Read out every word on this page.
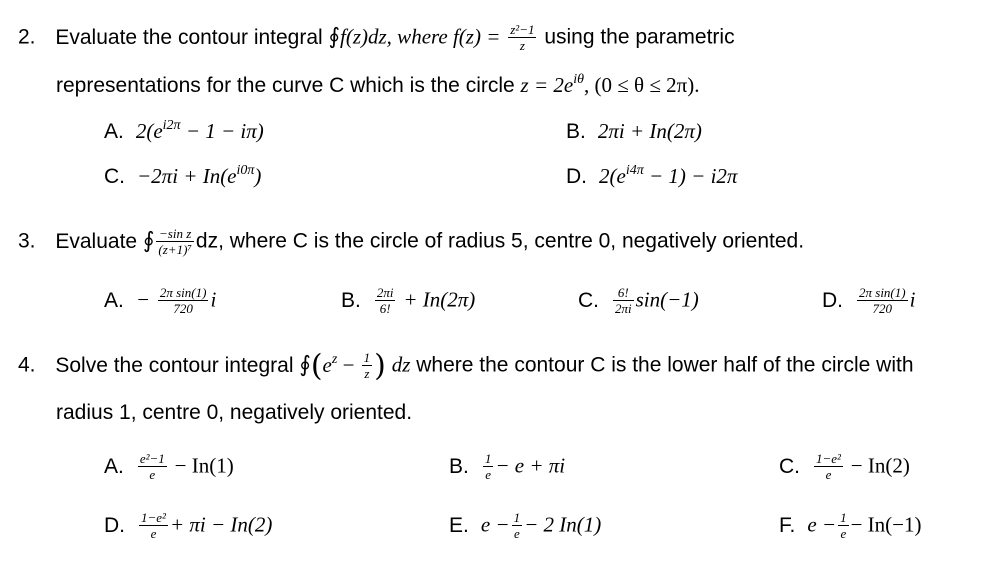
2. Evaluate the contour integral ∮f(z)dz, where $f(z) = \frac{\text{z²−1}}{z}$ using the parametric
representations for the curve C which is the circle $z = 2e^{i\theta}$, (0 ≤ θ ≤ 2π).
A. $2(e^{i2\pi} - 1 - i\pi)$	B. 2πi + In(2π)
C. $-2\pi i + In(e^{i0\pi})$	D. $2(e^{i4\pi} - 1) - i2\pi$
3. Evaluate ∮ $\frac{\text{−sin z}}{\text{(z+1)⁷}}$ dz, where C is the circle of radius 5, centre 0, negatively oriented.
A. − $\frac{\text{2π sin(1)}}{720}$ i	B. $\frac{2\pi i}{6!} + In(2\pi)$	C. $\frac{6!}{2\pi i} \sin(-1)$	D. $\frac{\text{2π sin(1)}}{720}$ i
4. Solve the contour integral $∮(e^z - \frac{1}{z}$ ) dz where the contour C is the lower half of the circle with
radius 1, centre 0, negatively oriented.
A. $\frac{\text{e²−1}}{e} - In(1)$	B. $\frac{1}{e} - e + \pi i$	C. $\frac{\text{1−e²}}{e} - In(2)$
D. $\frac{\text{1−e²}}{e} + \pi i - In(2)$	E. $e - \frac{1}{e} - 2$ In(1)	F. $e - \frac{1}{e} - In(-1)$
